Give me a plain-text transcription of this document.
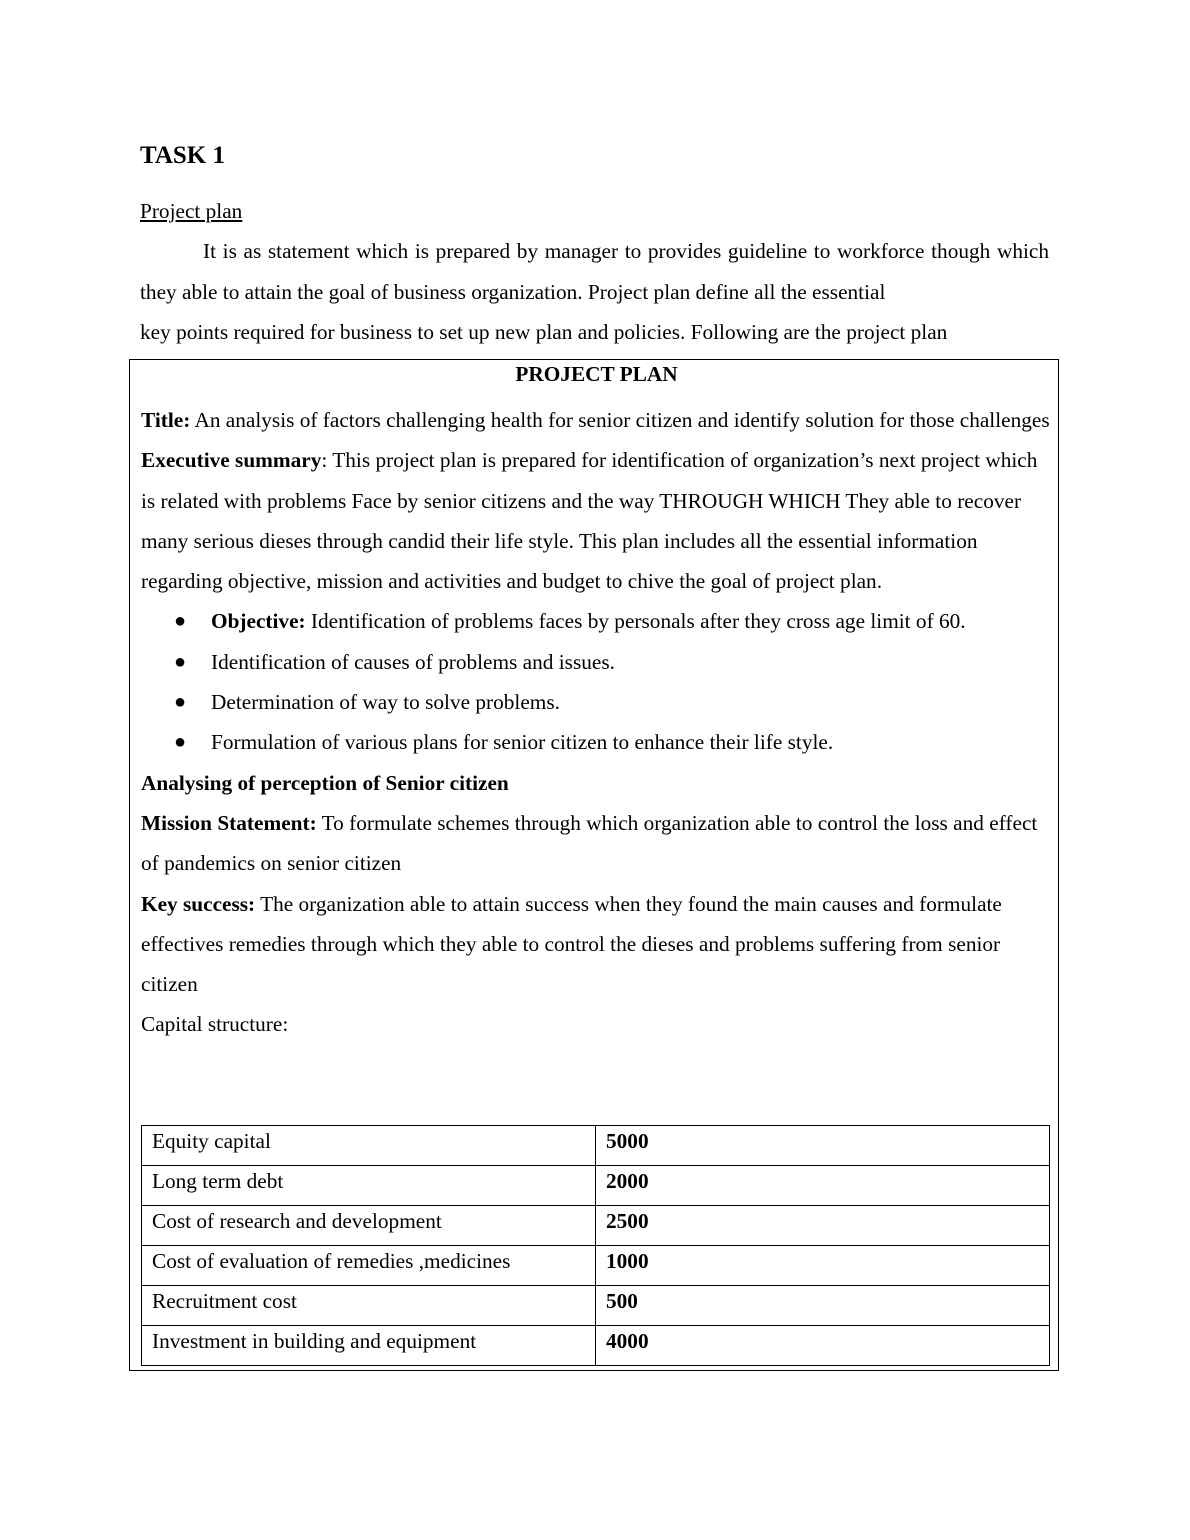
TASK 1

Project plan

It is as statement which is prepared by manager to provides guideline to workforce though which they able to attain the goal of business organization. Project plan define all the essential
key points required for business to set up new plan and policies. Following are the project plan

PROJECT PLAN

Title: An analysis of factors challenging health for senior citizen and identify solution for those challenges

Executive summary: This project plan is prepared for identification of organization’s next project which is related with problems Face by senior citizens and the way THROUGH WHICH They able to recover many serious dieses through candid their life style. This plan includes all the essential information regarding objective, mission and activities and budget to chive the goal of project plan.

● Objective: Identification of problems faces by personals after they cross age limit of 60.
● Identification of causes of problems and issues.
● Determination of way to solve problems.
● Formulation of various plans for senior citizen to enhance their life style.

Analysing of perception of Senior citizen

Mission Statement: To formulate schemes through which organization able to control the loss and effect of pandemics on senior citizen

Key success: The organization able to attain success when they found the main causes and formulate effectives remedies through which they able to control the dieses and problems suffering from senior citizen

Capital structure:

Equity capital	5000
Long term debt	2000
Cost of research and development	2500
Cost of evaluation of remedies ,medicines	1000
Recruitment cost	500
Investment in building and equipment	4000
